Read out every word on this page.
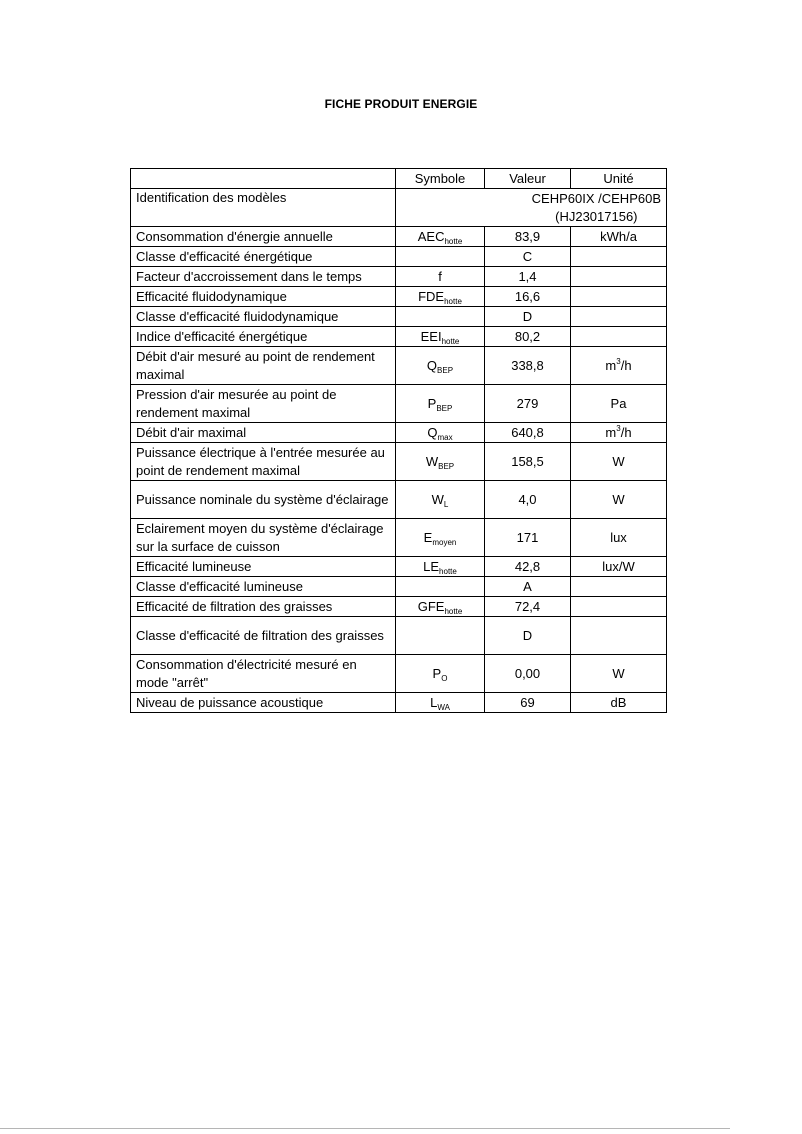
FICHE PRODUIT ENERGIE
	Symbole	Valeur	Unité
Identification des modèles	CEHP60IX /CEHP60B
(HJ23017156)		
Consommation d'énergie annuelle	$AEC_{hotte}$	83,9	kWh/a
Classe d'efficacité énergétique		C	
Facteur d'accroissement dans le temps	f	1,4	
Efficacité fluidodynamique	$FDE_{hotte}$	16,6	
Classe d'efficacité fluidodynamique		D	
Indice d'efficacité énergétique	$EEI_{hotte}$	80,2	
Débit d'air mesuré au point de rendement maximal	$Q_{BEP}$	338,8	$m^3/h$
Pression d'air mesurée au point de rendement maximal	$P_{BEP}$	279	Pa
Débit d'air maximal	$Q_{max}$	640,8	$m^3/h$
Puissance électrique à l'entrée mesurée au point de rendement maximal	$W_{BEP}$	158,5	W
Puissance nominale du système d'éclairage	$W_L$	4,0	W
Eclairement moyen du système d'éclairage sur la surface de cuisson	$E_{moyen}$	171	lux
Efficacité lumineuse	$LE_{hotte}$	42,8	lux/W
Classe d'efficacité lumineuse		A	
Efficacité de filtration des graisses	$GFE_{hotte}$	72,4	
Classe d'efficacité de filtration des graisses		D	
Consommation d'électricité mesuré en mode "arrêt"	$P_O$	0,00	W
Niveau de puissance acoustique	$L_{WA}$	69	dB
